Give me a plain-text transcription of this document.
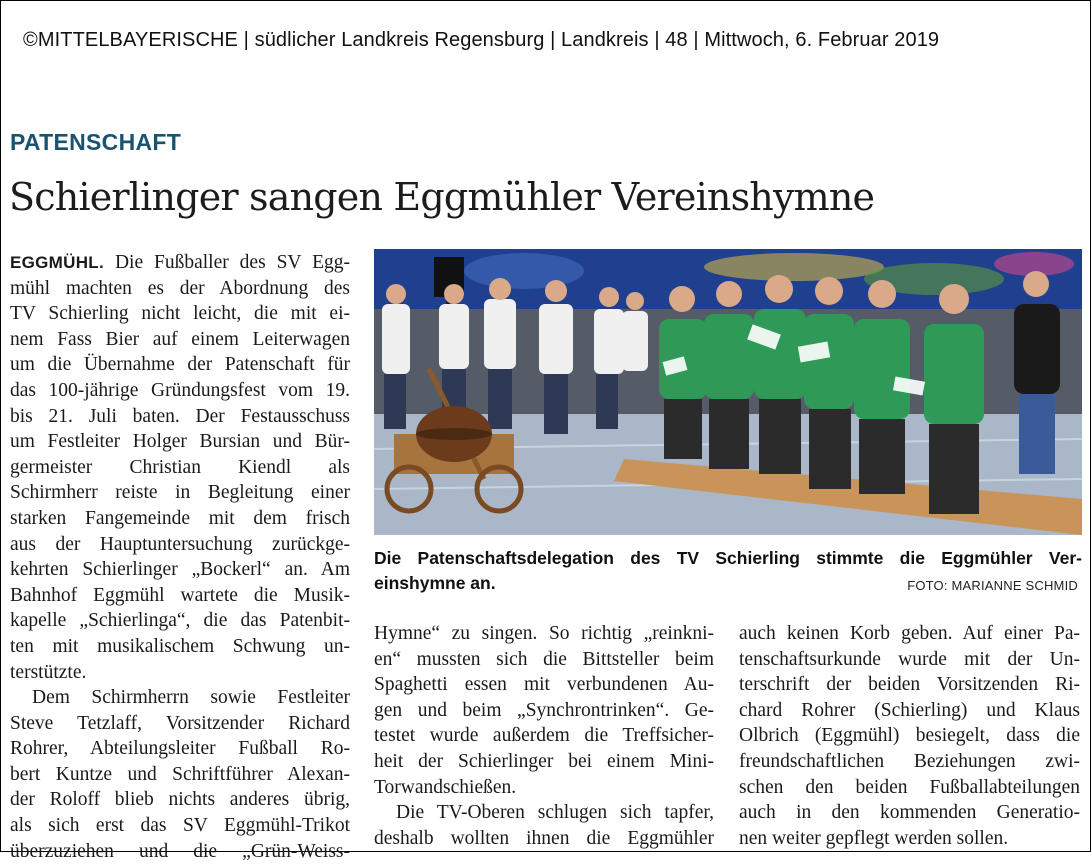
©MITTELBAYERISCHE | südlicher Landkreis Regensburg | Landkreis | 48 | Mittwoch, 6. Februar 2019
PATENSCHAFT
Schierlinger sangen Eggmühler Vereinshymne
EGGMÜHL. Die Fußballer des SV Egg-
mühl machten es der Abordnung des
TV Schierling nicht leicht, die mit ei-
nem Fass Bier auf einem Leiterwagen
um die Übernahme der Patenschaft für
das 100-jährige Gründungsfest vom 19.
bis 21. Juli baten. Der Festausschuss
um Festleiter Holger Bursian und Bür-
germeister Christian Kiendl als
Schirmherr reiste in Begleitung einer
starken Fangemeinde mit dem frisch
aus der Hauptuntersuchung zurückge-
kehrten Schierlinger „Bockerl“ an. Am
Bahnhof Eggmühl wartete die Musik-
kapelle „Schierlinga“, die das Patenbit-
ten mit musikalischem Schwung un-
terstützte.
Dem Schirmherrn sowie Festleiter
Steve Tetzlaff, Vorsitzender Richard
Rohrer, Abteilungsleiter Fußball Ro-
bert Kuntze und Schriftführer Alexan-
der Roloff blieb nichts anderes übrig,
als sich erst das SV Eggmühl-Trikot
überzuziehen und die „Grün-Weiss-
Die Patenschaftsdelegation des TV Schierling stimmte die Eggmühler Ver-
einshymne an.	FOTO: MARIANNE SCHMID
Hymne“ zu singen. So richtig „reinkni-
en“ mussten sich die Bittsteller beim
Spaghetti essen mit verbundenen Au-
gen und beim „Synchrontrinken“. Ge-
testet wurde außerdem die Treffsicher-
heit der Schierlinger bei einem Mini-
Torwandschießen.
Die TV-Oberen schlugen sich tapfer,
deshalb wollten ihnen die Eggmühler
auch keinen Korb geben. Auf einer Pa-
tenschaftsurkunde wurde mit der Un-
terschrift der beiden Vorsitzenden Ri-
chard Rohrer (Schierling) und Klaus
Olbrich (Eggmühl) besiegelt, dass die
freundschaftlichen Beziehungen zwi-
schen den beiden Fußballabteilungen
auch in den kommenden Generatio-
nen weiter gepflegt werden sollen.
